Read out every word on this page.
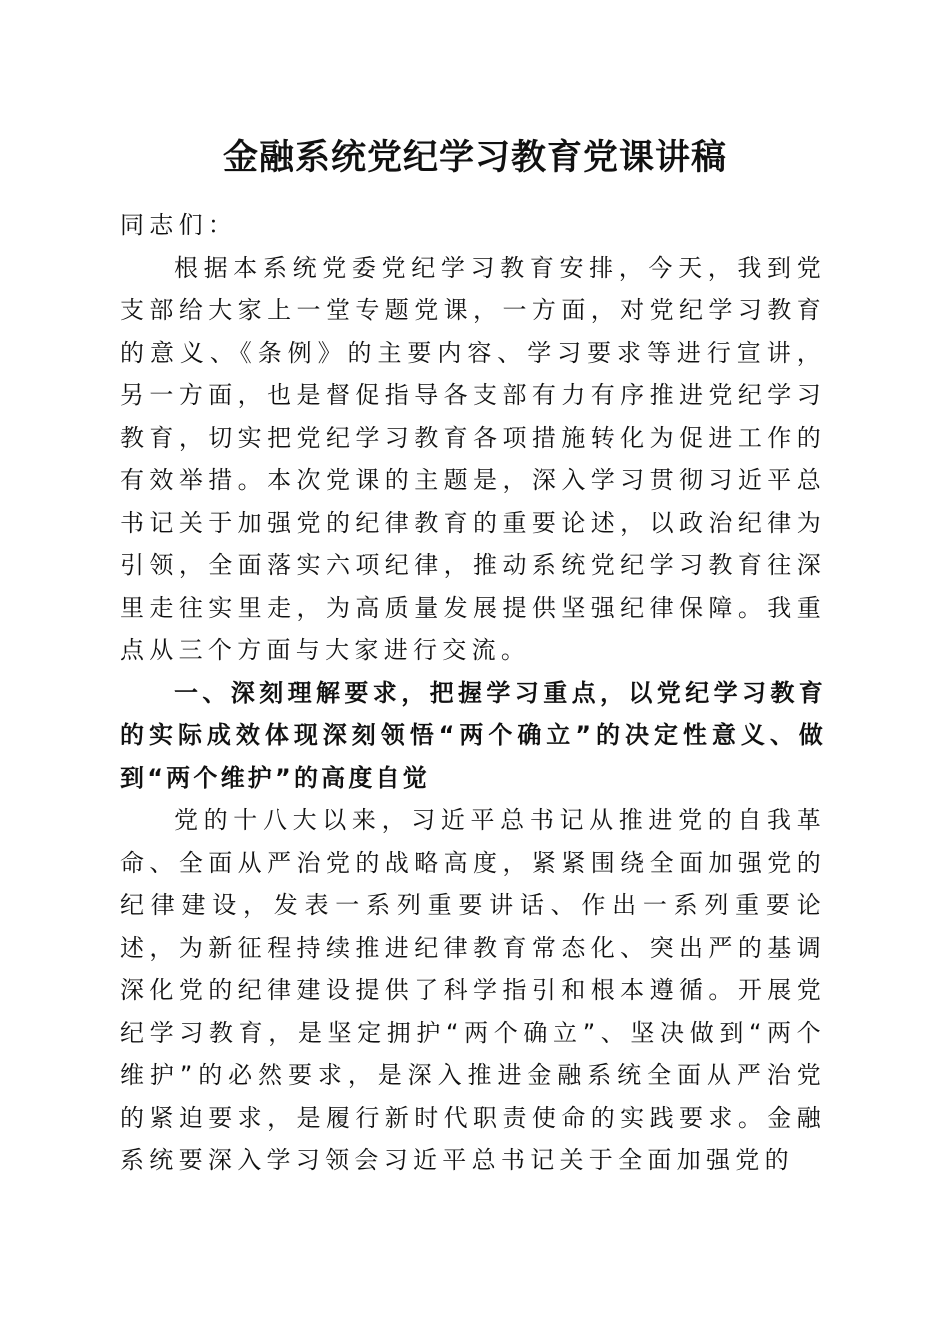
金融系统党纪学习教育党课讲稿

同志们：

根据本系统党委党纪学习教育安排，今天，我到党支部给大家上一堂专题党课，一方面，对党纪学习教育的意义、《条例》的主要内容、学习要求等进行宣讲，另一方面，也是督促指导各支部有力有序推进党纪学习教育，切实把党纪学习教育各项措施转化为促进工作的有效举措。本次党课的主题是，深入学习贯彻习近平总书记关于加强党的纪律教育的重要论述，以政治纪律为引领，全面落实六项纪律，推动系统党纪学习教育往深里走往实里走，为高质量发展提供坚强纪律保障。我重点从三个方面与大家进行交流。

一、深刻理解要求，把握学习重点，以党纪学习教育的实际成效体现深刻领悟“两个确立”的决定性意义、做到“两个维护”的高度自觉

党的十八大以来，习近平总书记从推进党的自我革命、全面从严治党的战略高度，紧紧围绕全面加强党的纪律建设，发表一系列重要讲话、作出一系列重要论述，为新征程持续推进纪律教育常态化、突出严的基调深化党的纪律建设提供了科学指引和根本遵循。开展党纪学习教育，是坚定拥护“两个确立”、坚决做到“两个维护”的必然要求，是深入推进金融系统全面从严治党的紧迫要求，是履行新时代职责使命的实践要求。金融系统要深入学习领会习近平总书记关于全面加强党的
